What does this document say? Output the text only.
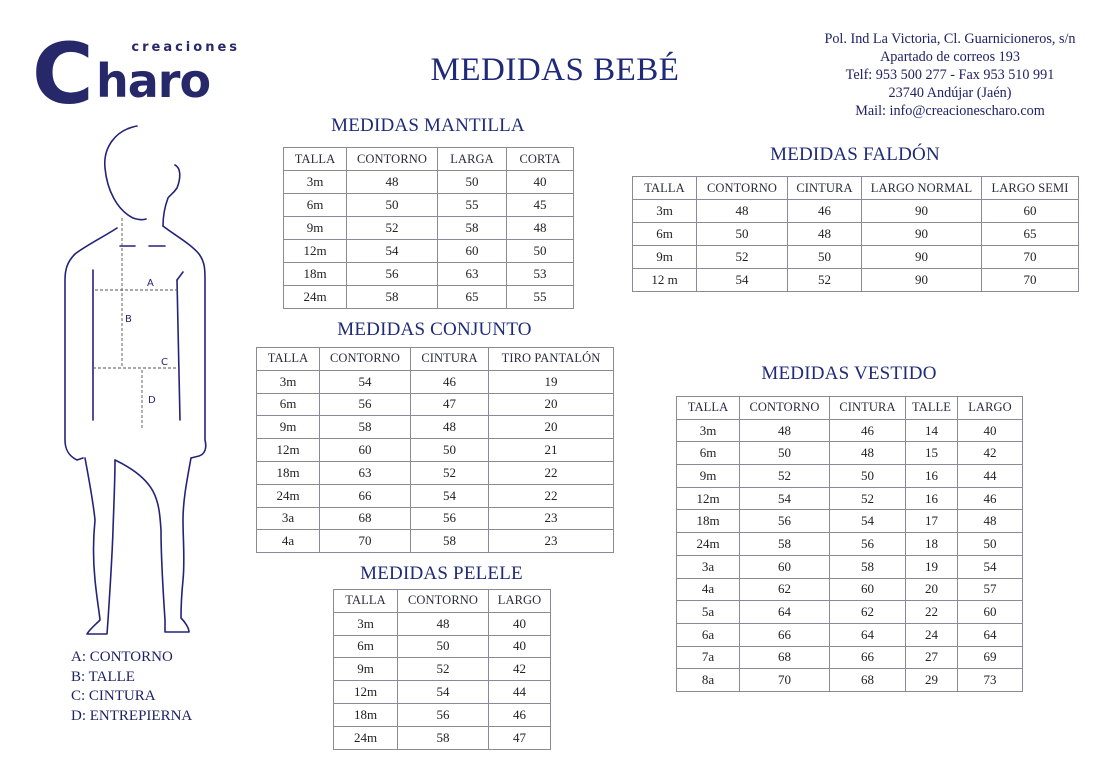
C	creaciones
haro	MEDIDAS BEBÉ
Pol. Ind La Victoria, Cl. Guarnicioneros, s/n
Apartado de correos 193
Telf: 953 500 277 - Fax 953 510 991
23740 Andújar (Jaén)
Mail: info@creacionescharo.com
A
B
C
D
A: CONTORNO
B: TALLE
C: CINTURA
D: ENTREPIERNA
MEDIDAS MANTILLA
MEDIDAS FALDÓN
MEDIDAS CONJUNTO
MEDIDAS PELELE
MEDIDAS VESTIDO
TALLA	CONTORNO	LARGA	CORTA
3m	48	50	40
6m	50	55	45
9m	52	58	48
12m	54	60	50
18m	56	63	53
24m	58	65	55
TALLA	CONTORNO	CINTURA	LARGO NORMAL	LARGO SEMI
3m	48	46	90	60
6m	50	48	90	65
9m	52	50	90	70
12 m	54	52	90	70
TALLA	CONTORNO	CINTURA	TIRO PANTALÓN
3m	54	46	19
6m	56	47	20
9m	58	48	20
12m	60	50	21
18m	63	52	22
24m	66	54	22
3a	68	56	23
4a	70	58	23
TALLA	CONTORNO	LARGO
3m	48	40
6m	50	40
9m	52	42
12m	54	44
18m	56	46
24m	58	47
TALLA	CONTORNO	CINTURA	TALLE	LARGO
3m	48	46	14	40
6m	50	48	15	42
9m	52	50	16	44
12m	54	52	16	46
18m	56	54	17	48
24m	58	56	18	50
3a	60	58	19	54
4a	62	60	20	57
5a	64	62	22	60
6a	66	64	24	64
7a	68	66	27	69
8a	70	68	29	73
